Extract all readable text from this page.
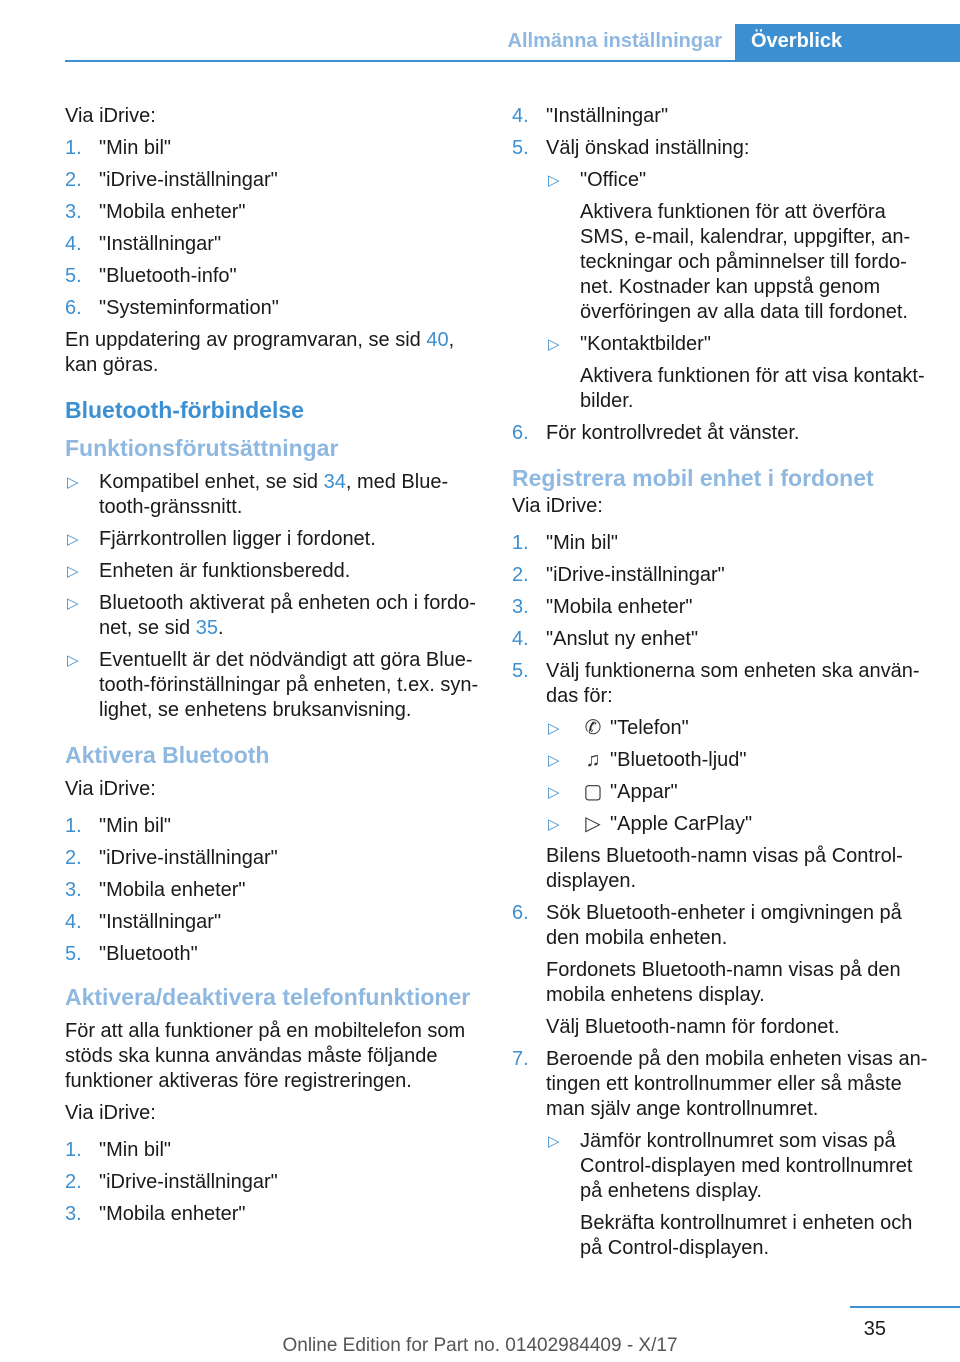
Allmänna inställningar	Överblick

Via iDrive:

1. "Min bil"
2. "iDrive-inställningar"
3. "Mobila enheter"
4. "Inställningar"
5. "Bluetooth-info"
6. "Systeminformation"

En uppdatering av programvaran, se sid 40,
kan göras.

Bluetooth-förbindelse
Funktionsförutsättningar
▷ Kompatibel enhet, se sid 34, med Blue-
tooth-gränssnitt.
▷ Fjärrkontrollen ligger i fordonet.
▷ Enheten är funktionsberedd.
▷ Bluetooth aktiverat på enheten och i fordo-
net, se sid 35.
▷ Eventuellt är det nödvändigt att göra Blue-
tooth-förinställningar på enheten, t.ex. syn-
lighet, se enhetens bruksanvisning.
Aktivera Bluetooth

Via iDrive:

1. "Min bil"
2. "iDrive-inställningar"
3. "Mobila enheter"
4. "Inställningar"
5. "Bluetooth"
Aktivera/deaktivera telefonfunktioner

För att alla funktioner på en mobiltelefon som
stöds ska kunna användas måste följande
funktioner aktiveras före registreringen.

Via iDrive:

1. "Min bil"
2. "iDrive-inställningar"
3. "Mobila enheter"
4. "Inställningar"
5. Välj önskad inställning:
▷ "Office"
Aktivera funktionen för att överföra
SMS, e-mail, kalendrar, uppgifter, an-
teckningar och påminnelser till fordo-
net. Kostnader kan uppstå genom
överföringen av alla data till fordonet.
▷ "Kontaktbilder"
Aktivera funktionen för att visa kontakt-
bilder.
6. För kontrollvredet åt vänster.
Registrera mobil enhet i fordonet

Via iDrive:

1. "Min bil"
2. "iDrive-inställningar"
3. "Mobila enheter"
4. "Anslut ny enhet"
5. Välj funktionerna som enheten ska använ-
das för:
▷ ✆ "Telefon"
▷ ♫ "Bluetooth-ljud"
▷ ▢ "Appar"
▷ ▷ "Apple CarPlay"
Bilens Bluetooth-namn visas på Control-
displayen.
6. Sök Bluetooth-enheter i omgivningen på
den mobila enheten.
Fordonets Bluetooth-namn visas på den
mobila enhetens display.
Välj Bluetooth-namn för fordonet.
7. Beroende på den mobila enheten visas an-
tingen ett kontrollnummer eller så måste
man själv ange kontrollnumret.
▷ Jämför kontrollnumret som visas på
Control-displayen med kontrollnumret
på enhetens display.
Bekräfta kontrollnumret i enheten och
på Control-displayen.
35
Online Edition for Part no. 01402984409 - X/17
